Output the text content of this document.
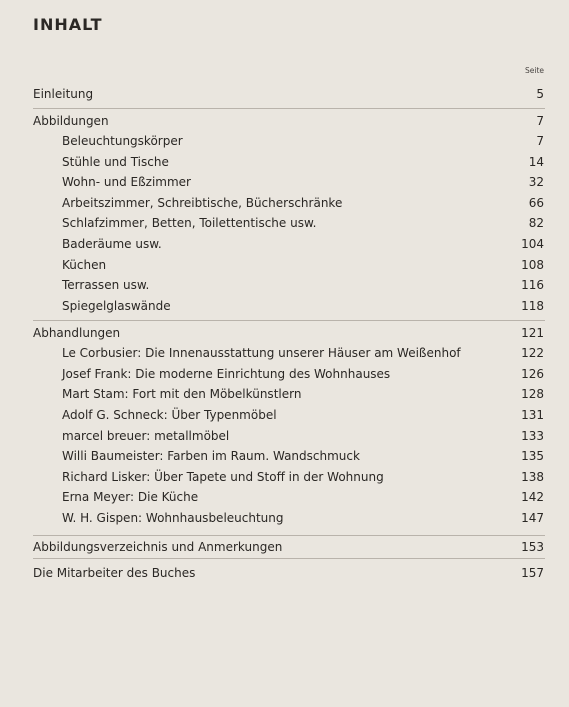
INHALT
Seite
Einleitung	5
Abbildungen	7
Beleuchtungskörper	7
Stühle und Tische	14
Wohn- und Eßzimmer	32
Arbeitszimmer, Schreibtische, Bücherschränke	66
Schlafzimmer, Betten, Toilettentische usw.	82
Baderäume usw.	104
Küchen	108
Terrassen usw.	116
Spiegelglaswände	118
Abhandlungen	121
Le Corbusier: Die Innenausstattung unserer Häuser am Weißenhof	122
Josef Frank: Die moderne Einrichtung des Wohnhauses	126
Mart Stam: Fort mit den Möbelkünstlern	128
Adolf G. Schneck: Über Typenmöbel	131
marcel breuer: metallmöbel	133
Willi Baumeister: Farben im Raum. Wandschmuck	135
Richard Lisker: Über Tapete und Stoff in der Wohnung	138
Erna Meyer: Die Küche	142
W. H. Gispen: Wohnhausbeleuchtung	147
Abbildungsverzeichnis und Anmerkungen	153
Die Mitarbeiter des Buches	157
